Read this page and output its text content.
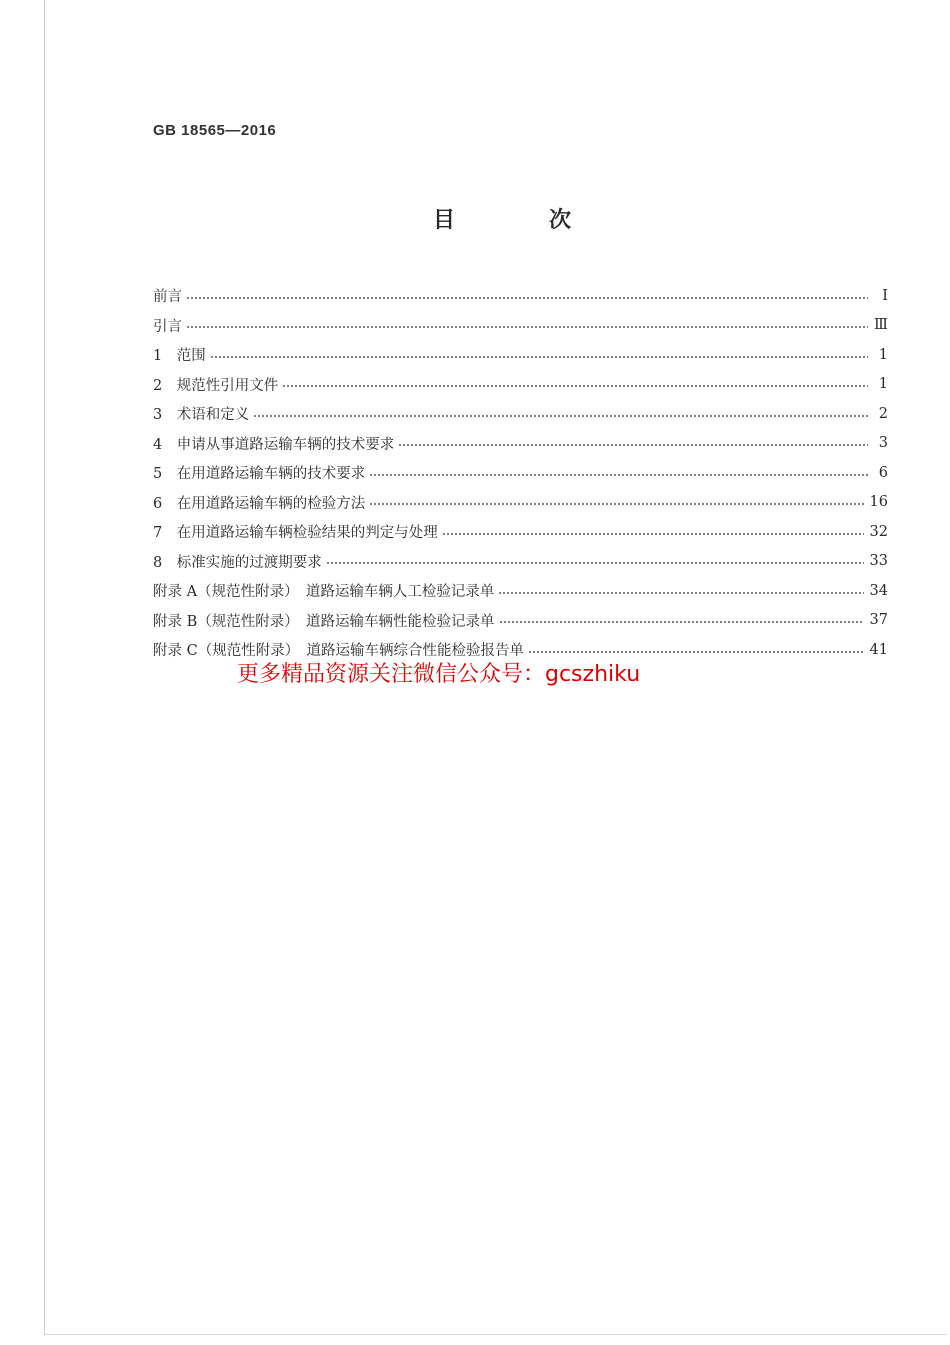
GB 18565—2016
目　次
前言	Ⅰ
引言	Ⅲ
1　范围	1
2　规范性引用文件	1
3　术语和定义	2
4　申请从事道路运输车辆的技术要求	3
5　在用道路运输车辆的技术要求	6
6　在用道路运输车辆的检验方法	16
7　在用道路运输车辆检验结果的判定与处理	32
8　标准实施的过渡期要求	33
附录 A（规范性附录）　道路运输车辆人工检验记录单	34
附录 B（规范性附录）　道路运输车辆性能检验记录单	37
附录 C（规范性附录）　道路运输车辆综合性能检验报告单	41
更多精品资源关注微信公众号：gcszhiku
